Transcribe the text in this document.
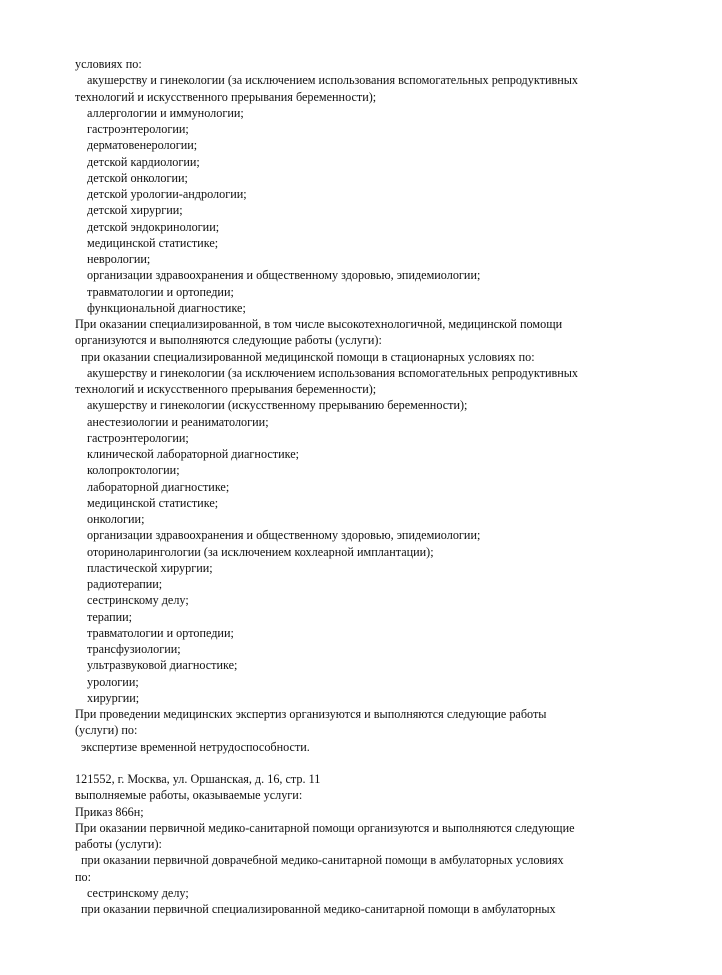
условиях по:
акушерству и гинекологии (за исключением использования вспомогательных репродуктивных
технологий и искусственного прерывания беременности);
аллергологии и иммунологии;
гастроэнтерологии;
дерматовенерологии;
детской кардиологии;
детской онкологии;
детской урологии-андрологии;
детской хирургии;
детской эндокринологии;
медицинской статистике;
неврологии;
организации здравоохранения и общественному здоровью, эпидемиологии;
травматологии и ортопедии;
функциональной диагностике;
При оказании специализированной, в том числе высокотехнологичной, медицинской помощи
организуются и выполняются следующие работы (услуги):
при оказании специализированной медицинской помощи в стационарных условиях по:
акушерству и гинекологии (за исключением использования вспомогательных репродуктивных
технологий и искусственного прерывания беременности);
акушерству и гинекологии (искусственному прерыванию беременности);
анестезиологии и реаниматологии;
гастроэнтерологии;
клинической лабораторной диагностике;
колопроктологии;
лабораторной диагностике;
медицинской статистике;
онкологии;
организации здравоохранения и общественному здоровью, эпидемиологии;
оториноларингологии (за исключением кохлеарной имплантации);
пластической хирургии;
радиотерапии;
сестринскому делу;
терапии;
травматологии и ортопедии;
трансфузиологии;
ультразвуковой диагностике;
урологии;
хирургии;
При проведении медицинских экспертиз организуются и выполняются следующие работы
(услуги) по:
экспертизе временной нетрудоспособности.
121552, г. Москва, ул. Оршанская, д. 16, стр. 11
выполняемые работы, оказываемые услуги:
Приказ 866н;
При оказании первичной медико-санитарной помощи организуются и выполняются следующие
работы (услуги):
при оказании первичной доврачебной медико-санитарной помощи в амбулаторных условиях
по:
сестринскому делу;
при оказании первичной специализированной медико-санитарной помощи в амбулаторных
